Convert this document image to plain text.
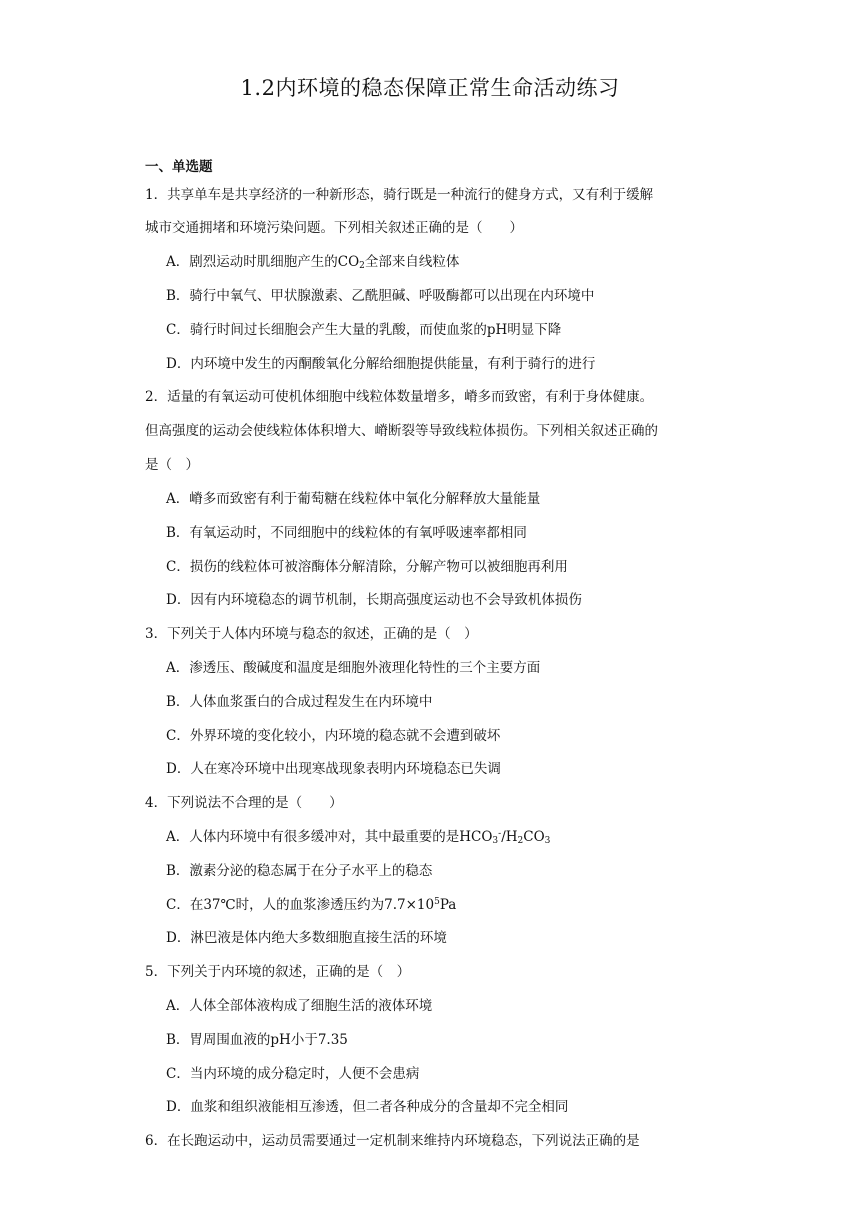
1.2内环境的稳态保障正常生命活动练习
一、单选题
1．共享单车是共享经济的一种新形态，骑行既是一种流行的健身方式，又有利于缓解
城市交通拥堵和环境污染问题。下列相关叙述正确的是（　　）
A．剧烈运动时肌细胞产生的$CO_2$全部来自线粒体
B．骑行中氧气、甲状腺激素、乙酰胆碱、呼吸酶都可以出现在内环境中
C．骑行时间过长细胞会产生大量的乳酸，而使血浆的pH明显下降
D．内环境中发生的丙酮酸氧化分解给细胞提供能量，有利于骑行的进行
2．适量的有氧运动可使机体细胞中线粒体数量增多，嵴多而致密，有利于身体健康。
但高强度的运动会使线粒体体积增大、嵴断裂等导致线粒体损伤。下列相关叙述正确的
是（　）
A．嵴多而致密有利于葡萄糖在线粒体中氧化分解释放大量能量
B．有氧运动时，不同细胞中的线粒体的有氧呼吸速率都相同
C．损伤的线粒体可被溶酶体分解清除，分解产物可以被细胞再利用
D．因有内环境稳态的调节机制，长期高强度运动也不会导致机体损伤
3．下列关于人体内环境与稳态的叙述，正确的是（　）
A．渗透压、酸碱度和温度是细胞外液理化特性的三个主要方面
B．人体血浆蛋白的合成过程发生在内环境中
C．外界环境的变化较小，内环境的稳态就不会遭到破坏
D．人在寒冷环境中出现寒战现象表明内环境稳态已失调
4．下列说法不合理的是（　　）
A．人体内环境中有很多缓冲对，其中最重要的是$HCO_3^-/H_2CO_3$
B．激素分泌的稳态属于在分子水平上的稳态
C．在37℃时，人的血浆渗透压约为$7.7\times 10^5Pa$
D．淋巴液是体内绝大多数细胞直接生活的环境
5．下列关于内环境的叙述，正确的是（　）
A．人体全部体液构成了细胞生活的液体环境
B．胃周围血液的pH小于7.35
C．当内环境的成分稳定时，人便不会患病
D．血浆和组织液能相互渗透，但二者各种成分的含量却不完全相同
6．在长跑运动中，运动员需要通过一定机制来维持内环境稳态，下列说法正确的是
